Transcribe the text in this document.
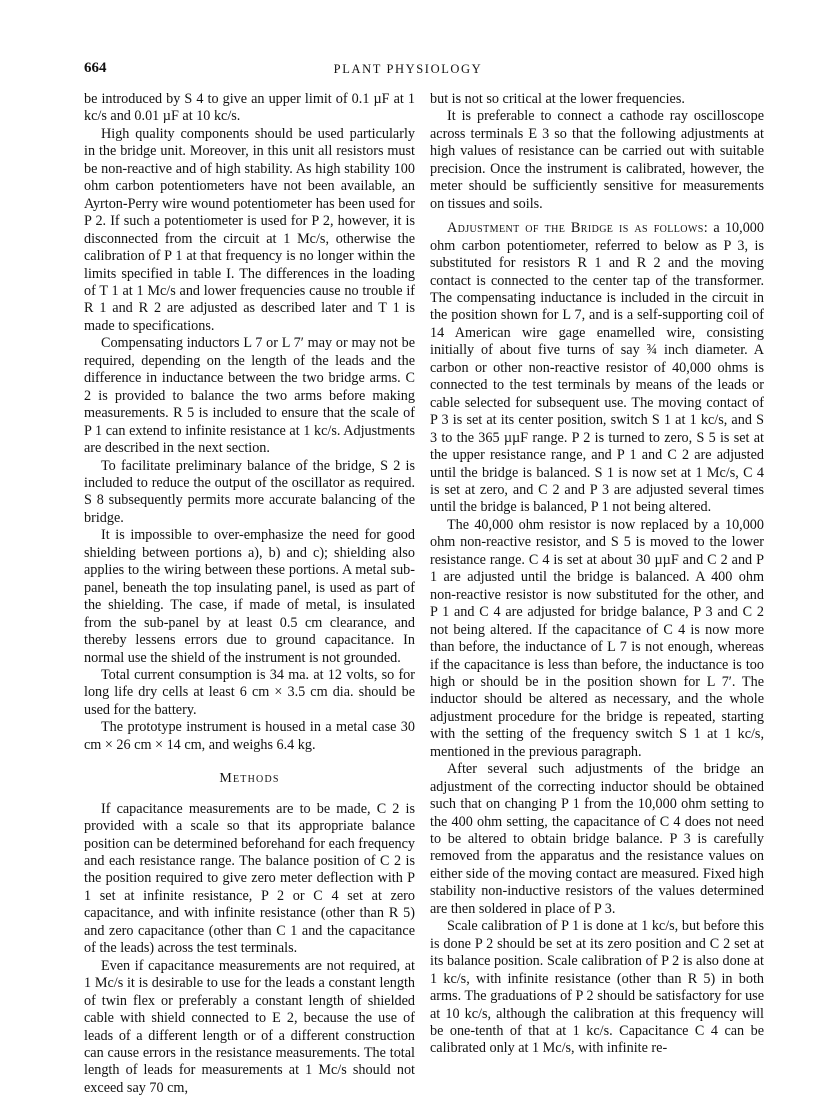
664	PLANT PHYSIOLOGY

be introduced by S 4 to give an upper limit of 0.1 µF at 1 kc/s and 0.01 µF at 10 kc/s.

High quality components should be used particularly in the bridge unit. Moreover, in this unit all resistors must be non-reactive and of high stability. As high stability 100 ohm carbon potentiometers have not been available, an Ayrton-Perry wire wound potentiometer has been used for P 2. If such a potentiometer is used for P 2, however, it is disconnected from the circuit at 1 Mc/s, otherwise the calibration of P 1 at that frequency is no longer within the limits specified in table I. The differences in the loading of T 1 at 1 Mc/s and lower frequencies cause no trouble if R 1 and R 2 are adjusted as described later and T 1 is made to specifications.

Compensating inductors L 7 or L 7′ may or may not be required, depending on the length of the leads and the difference in inductance between the two bridge arms. C 2 is provided to balance the two arms before making measurements. R 5 is included to ensure that the scale of P 1 can extend to infinite resistance at 1 kc/s. Adjustments are described in the next section.

To facilitate preliminary balance of the bridge, S 2 is included to reduce the output of the oscillator as required. S 8 subsequently permits more accurate balancing of the bridge.

It is impossible to over-emphasize the need for good shielding between portions a), b) and c); shielding also applies to the wiring between these portions. A metal sub-panel, beneath the top insulating panel, is used as part of the shielding. The case, if made of metal, is insulated from the sub-panel by at least 0.5 cm clearance, and thereby lessens errors due to ground capacitance. In normal use the shield of the instrument is not grounded.

Total current consumption is 34 ma. at 12 volts, so for long life dry cells at least 6 cm × 3.5 cm dia. should be used for the battery.

The prototype instrument is housed in a metal case 30 cm × 26 cm × 14 cm, and weighs 6.4 kg.

Methods

If capacitance measurements are to be made, C 2 is provided with a scale so that its appropriate balance position can be determined beforehand for each frequency and each resistance range. The balance position of C 2 is the position required to give zero meter deflection with P 1 set at infinite resistance, P 2 or C 4 set at zero capacitance, and with infinite resistance (other than R 5) and zero capacitance (other than C 1 and the capacitance of the leads) across the test terminals.

Even if capacitance measurements are not required, at 1 Mc/s it is desirable to use for the leads a constant length of twin flex or preferably a constant length of shielded cable with shield connected to E 2, because the use of leads of a different length or of a different construction can cause errors in the resistance measurements. The total length of leads for measurements at 1 Mc/s should not exceed say 70 cm,

but is not so critical at the lower frequencies.

It is preferable to connect a cathode ray oscilloscope across terminals E 3 so that the following adjustments at high values of resistance can be carried out with suitable precision. Once the instrument is calibrated, however, the meter should be sufficiently sensitive for measurements on tissues and soils.

Adjustment of the Bridge is as follows: a 10,000 ohm carbon potentiometer, referred to below as P 3, is substituted for resistors R 1 and R 2 and the moving contact is connected to the center tap of the transformer. The compensating inductance is included in the circuit in the position shown for L 7, and is a self-supporting coil of 14 American wire gage enamelled wire, consisting initially of about five turns of say ¾ inch diameter. A carbon or other non-reactive resistor of 40,000 ohms is connected to the test terminals by means of the leads or cable selected for subsequent use. The moving contact of P 3 is set at its center position, switch S 1 at 1 kc/s, and S 3 to the 365 µµF range. P 2 is turned to zero, S 5 is set at the upper resistance range, and P 1 and C 2 are adjusted until the bridge is balanced. S 1 is now set at 1 Mc/s, C 4 is set at zero, and C 2 and P 3 are adjusted several times until the bridge is balanced, P 1 not being altered.

The 40,000 ohm resistor is now replaced by a 10,000 ohm non-reactive resistor, and S 5 is moved to the lower resistance range. C 4 is set at about 30 µµF and C 2 and P 1 are adjusted until the bridge is balanced. A 400 ohm non-reactive resistor is now substituted for the other, and P 1 and C 4 are adjusted for bridge balance, P 3 and C 2 not being altered. If the capacitance of C 4 is now more than before, the inductance of L 7 is not enough, whereas if the capacitance is less than before, the inductance is too high or should be in the position shown for L 7′. The inductor should be altered as necessary, and the whole adjustment procedure for the bridge is repeated, starting with the setting of the frequency switch S 1 at 1 kc/s, mentioned in the previous paragraph.

After several such adjustments of the bridge an adjustment of the correcting inductor should be obtained such that on changing P 1 from the 10,000 ohm setting to the 400 ohm setting, the capacitance of C 4 does not need to be altered to obtain bridge balance. P 3 is carefully removed from the apparatus and the resistance values on either side of the moving contact are measured. Fixed high stability non-inductive resistors of the values determined are then soldered in place of P 3.

Scale calibration of P 1 is done at 1 kc/s, but before this is done P 2 should be set at its zero position and C 2 set at its balance position. Scale calibration of P 2 is also done at 1 kc/s, with infinite resistance (other than R 5) in both arms. The graduations of P 2 should be satisfactory for use at 10 kc/s, although the calibration at this frequency will be one-tenth of that at 1 kc/s. Capacitance C 4 can be calibrated only at 1 Mc/s, with infinite re-
